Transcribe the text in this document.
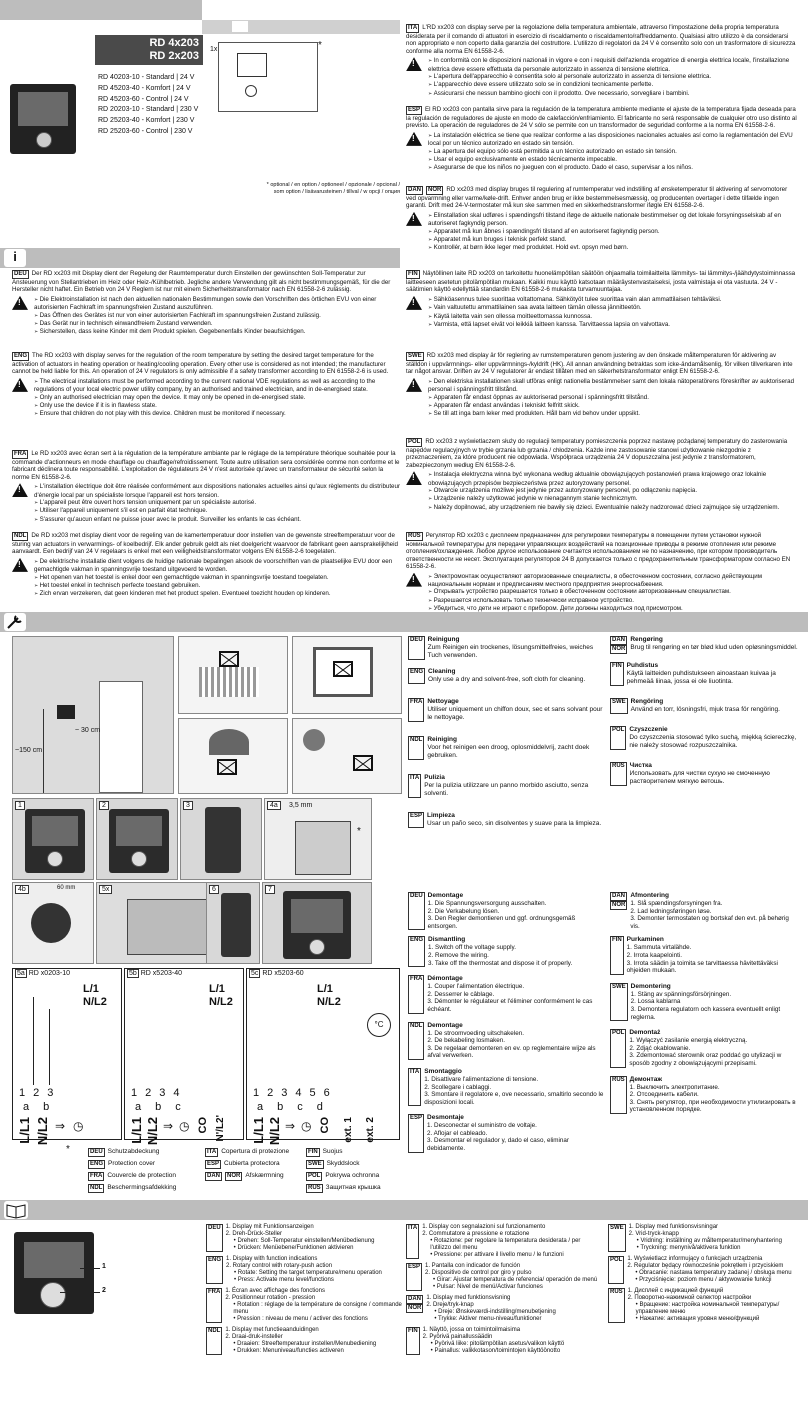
RD 4x203
RD 2x203
1x	*
RD 40203-10 - Standard | 24 V
RD 45203-40 - Komfort | 24 V
RD 45203-60 - Control | 24 V
RD 20203-10 - Standard | 230 V
RD 25203-40 - Komfort | 230 V
RD 25203-60 - Control | 230 V
* optional / en option / optioneel / opzionale / opcional /
som option / lisävarusteinen / tillval / w opcji / опция
i
DEU Der RD xx203 mit Display dient der Regelung der Raumtemperatur durch Einstellen der gewünschten Soll-Temperatur zur Ansteuerung von Stellantrieben im Heiz oder Heiz-/Kühlbetrieb. Jegliche andere Verwendung gilt als nicht bestimmungsgemäß, für die der Hersteller nicht haftet. Ein Betrieb von 24 V Reglern ist nur mit einem Sicherheitstransformator nach EN 61558-2-6 zulässig.
!
➢ Die Elektroinstallation ist nach den aktuellen nationalen Bestimmungen sowie den Vorschriften des örtlichen EVU von einer autorisierten Fachkraft im spannungsfreien Zustand auszuführen.
➢ Das Öffnen des Gerätes ist nur von einer autorisierten Fachkraft im spannungsfreien Zustand zulässig.
➢ Das Gerät nur in technisch einwandfreiem Zustand verwenden.
➢ Sicherstellen, dass keine Kinder mit dem Produkt spielen. Gegebenenfalls Kinder beaufsichtigen.
ENG The RD xx203 with display serves for the regulation of the room temperature by setting the desired target temperature for the activation of actuators in heating operation or heating/cooling operation. Every other use is considered as not intended; the manufacturer cannot be held liable for this. An operation of 24 V regulators is only admissible if a safety transformer according to EN 61558-2-6 is used.
!
➢ The electrical installations must be performed according to the current national VDE regulations as well as according to the regulations of your local electric power utility company, by an authorised and trained electrician, and in de-energised state.
➢ Only an authorised electrician may open the device. It may only be opened in de-energised state.
➢ Only use the device if it is in flawless state.
➢ Ensure that children do not play with this device. Children must be monitored if necessary.
FRA Le RD xx203 avec écran sert à la régulation de la température ambiante par le réglage de la température théorique souhaitée pour la commande d'actionneurs en mode chauffage ou chauffage/refroidissement. Toute autre utilisation sera considérée comme non conforme et le fabricant déclinera toute responsabilité. L'exploitation de régulateurs 24 V n'est autorisée qu'avec un transformateur de sécurité selon la norme EN 61558-2-6.
!
➢ L'installation électrique doit être réalisée conformément aux dispositions nationales actuelles ainsi qu'aux règlements du distributeur d'énergie local par un spécialiste lorsque l'appareil est hors tension.
➢ L'appareil peut être ouvert hors tension uniquement par un spécialiste autorisé.
➢ Utiliser l'appareil uniquement s'il est en parfait état technique.
➢ S'assurer qu'aucun enfant ne puisse jouer avec le produit. Surveiller les enfants le cas échéant.
NDL De RD xx203 met display dient voor de regeling van de kamertemperatuur door instellen van de gewenste streeftemperatuur voor de sturing van actuators in verwarmings- of koelbedrijf. Elk ander gebruik geldt als niet doelgericht waarvoor de fabrikant geen aansprakelijkheid aanvaardt. Een bedrijf van 24 V regelaars is enkel met een veiligheidstransformator volgens EN 61558-2-6 toegelaten.
!
➢ De elektrische installatie dient volgens de huidige nationale bepalingen alsook de voorschriften van de plaatselijke EVU door een gemachtigde vakman in spanningsvrije toestand uitgevoerd te worden.
➢ Het openen van het toestel is enkel door een gemachtigde vakman in spanningsvrije toestand toegelaten.
➢ Het toestel enkel in technisch perfecte toestand gebruiken.
➢ Zich ervan verzekeren, dat geen kinderen met het product spelen. Eventueel toezicht houden op kinderen.
ITA L'RD xx203 con display serve per la regolazione della temperatura ambientale, attraverso l'impostazione della propria temperatura desiderata per il comando di attuatori in esercizio di riscaldamento o riscaldamento/raffreddamento. Qualsiasi altro utilizzo è da considerarsi non appropriato e non coperto dalla garanzia del costruttore. L'utilizzo di regolatori da 24 V è consentito solo con un trasformatore di sicurezza conforme alla norma EN 61558-2-6.
!
➢ In conformità con le disposizioni nazionali in vigore e con i requisiti dell'azienda erogatrice di energia elettrica locale, l'installazione elettrica deve essere effettuata da personale autorizzato in assenza di tensione elettrica.
➢ L'apertura dell'apparecchio è consentita solo al personale autorizzato in assenza di tensione elettrica.
➢ L'apparecchio deve essere utilizzato solo se in condizioni tecnicamente perfette.
➢ Assicurarsi che nessun bambino giochi con il prodotto. Ove necessario, sorvegliare i bambini.
ESP El RD xx203 con pantalla sirve para la regulación de la temperatura ambiente mediante el ajuste de la temperatura fijada deseada para la regulación de reguladores de ajuste en modo de calefacción/enfriamiento. El fabricante no será responsable de cualquier otro uso distinto al previsto. La operación de reguladores de 24 V sólo se permite con un transformador de seguridad conforme a la norma EN 61558-2-6.
!
➢ La instalación eléctrica se tiene que realizar conforme a las disposiciones nacionales actuales así como la reglamentación del EVU local por un técnico autorizado en estado sin tensión.
➢ La apertura del equipo sólo está permitida a un técnico autorizado en estado sin tensión.
➢ Usar el equipo exclusivamente en estado técnicamente impecable.
➢ Asegurarse de que los niños no jueguen con el producto. Dado el caso, supervisar a los niños.
DAN NOR RD xx203 med display bruges til regulering af rumtemperatur ved indstilling af ønsketemperatur til aktivering af servomotorer ved opvarmning eller varme/køle-drift. Enhver anden brug er ikke bestemmelsesmæssig, og producenten overtager i dette tilfælde ingen garanti. Drift med 24-V-termostater må kun ske sammen med en sikkerhedstransformer iføgle EN 61558-2-6.
!
➢ Elinstallation skal udføres i spændingsfri tilstand iføge de aktuelle nationale bestimmelser og det lokale forsyningsselskab af en autoriseret fagkyndig person.
➢ Apparatet må kun åbnes i spændingsfri tilstand af en autoriseret fagkyndig person.
➢ Apparatet må kun bruges i teknisk perfekt stand.
➢ Kontrollér, at børn ikke leger med produktet. Hold evt. opsyn med børn.
FIN Näytöllinen laite RD xx203 on tarkoitettu huonelämpötilan säätöön ohjaamalla toimilaitteita lämmitys- tai lämmitys-/jäähdytystoiminnassa laitteeseen asetetun pitolämpötilan mukaan. Kaikki muu käyttö katsotaan määräystenvastaiseksi, josta valmistaja ei ota vastuuta. 24 V -säätimien käyttö edellyttää standardin EN 61558-2-6 mukaista turvamuuntajaa.
!
➢ Sähköasennus tulee suorittaa voltattomana. Sähkötyöt tulee suorittaa vain alan ammattilaisen tehtäväksi.
➢ Vain valtuutettu ammattilainen saa avata laitteen tämän ollessa jännitteetön.
➢ Käytä laitetta vain sen ollessa moitteettomassa kunnossa.
➢ Varmista, että lapset eivät voi leikkiä laitteen kanssa. Tarvittaessa lapsia on valvottava.
SWE RD xx203 med display är för reglering av rumstemperaturen genom justering av den önskade måltemperaturen för aktivering av ställdon i uppvärmnings- eller uppvärmnings-/kyldrift (HK). All annan användning betraktas som icke-ändamålsenlig, för vilken tillverkaren inte tar något ansvar. Driften av 24 V regulatorer är endast tillåten med en säkerhetstransformator enligt EN 61558-2-6.
!
➢ Den elektriska installationen skall utföras enligt nationella bestämmelser samt den lokala nätoperatörens föreskrifter av auktoriserad personal i spänningsfritt tillstånd.
➢ Apparaten får endast öppnas av auktoriserad personal i spänningsfritt tillstånd.
➢ Apparaten får endast användas i tekniskt felfritt skick.
➢ Se till att inga barn leker med produkten. Håll barn vid behov under uppsikt.
POL RD xx203 z wyświetlaczem służy do regulacji temperatury pomieszczenia poprzez nastawę pożądanej temperatury do zasterowania napędów regulacyjnych w trybie grzania lub grzania / chłodzenia. Każde inne zastosowanie stanowi użytkowanie niezgodnie z przeznaczeniem, za które producent nie odpowiada. Współpraca urządzenia 24 V dopuszczalna jest jedynie z transformatorem, zabezpieczonym według EN 61558-2-6.
!
➢ Instalacja elektryczna winna być wykonana według aktualnie obowiązujących postanowień prawa krajowego oraz lokalnie obowiązujących przepisów bezpieczeństwa przez autoryzowany personel.
➢ Otwarcie urządzenia możliwe jest jedynie przez autoryzowany personel, po odłączeniu napięcia.
➢ Urządzenie należy użytkować jedynie w nienagannym stanie technicznym.
➢ Należy dopilnować, aby urządzeniem nie bawiły się dzieci. Ewentualnie należy nadzorować dzieci zajmujące się urządzeniem.
RUS Регулятор RD xx203 с дисплеем предназначен для регулировки температуры в помещении путем установки нужной номинальной температуры для передачи управляющих воздействий на позиционные приводы в режиме отопления или режиме отопления/охлаждения. Любое другое использование считается использованием не по назначению, при котором производитель ответственности не несет. Эксплуатация регуляторов 24 В допускается только с предохранительным трансформатором согласно EN 61558-2-6.
!
➢ Электромонтаж осуществляют авторизованные специалисты, в обесточенном состоянии, согласно действующим национальным нормам и предписаниям местного предприятия энергоснабжения.
➢ Открывать устройство разрешается только в обесточенном состоянии авторизованным специалистам.
➢ Разрешается использовать только технически исправное устройство.
➢ Убедиться, что дети не играют с прибором. Дети должны находиться под присмотром.
~ 30 cm
~150 cm
1	2	3	4a	3,5 mm
*
4b	60 mm	5x	6	7
5a RD x0203-10
L/1
N/L2
123
ab
L/L1 N/L2 ⇒ ◷
5b RD x5203-40
L/1
N/L2
1234
abc
L/L1 N/L2 ⇒ ◷ CO N'/L2'
5c RD x5203-60
L/1
N/L2
°C
123456
abcd
L/L1 N/L2 ⇒ ◷ CO ext. 1 ext. 2
*	DEU Schutzabdeckung
ENG Protection cover
FRA Couvercle de protection
NDL Beschermingsafdekking
ITA Copertura di protezione
ESP Cubierta protectora
DAN NOR Afskærmning
FIN Suojus
SWE Skyddslock
POL Pokrywa ochronna
RUS Защитная крышка
DEU Reinigung
Zum Reinigen ein trockenes, lösungsmittelfreies, weiches Tuch verwenden.
ENG Cleaning
Only use a dry and solvent-free, soft cloth for cleaning.
FRA Nettoyage
Utiliser uniquement un chiffon doux, sec et sans solvant pour le nettoyage.
NDL Reiniging
Voor het reinigen een droog, oplosmiddelvrij, zacht doek gebruiken.
ITA Pulizia
Per la pulizia utilizzare un panno morbido asciutto, senza solventi.
ESP Limpieza
Usar un paño seco, sin disolventes y suave para la limpieza.
DAN
NOR
Rengøring
Brug til rengøring en tør blød klud uden opløsningsmiddel.
FIN Puhdistus
Käytä laitteiden puhdistukseen ainoastaan kuivaa ja pehmeää liinaa, jossa ei ole liuotinta.
SWE Rengöring
Använd en torr, lösningsfri, mjuk trasa för rengöring.
POL Czyszczenie
Do czyszczenia stosować tylko suchą, miękką ściereczkę, nie należy stosować rozpuszczalnika.
RUS Чистка
Использовать для чистки сухую не смоченную растворителем мягкую ветошь.
DEU Demontage
1. Die Spannungsversorgung ausschalten.
2. Die Verkabelung lösen.
3. Den Regler demontieren und ggf. ordnungsgemäß entsorgen.
ENG Dismantling
1. Switch off the voltage supply.
2. Remove the wiring.
3. Take off the thermostat and dispose it of properly.
FRA Démontage
1. Couper l'alimentation électrique.
2. Desserrer le câblage.
3. Démonter le régulateur et l'éliminer conformément le cas échéant.
NDL Demontage
1. De stroomvoeding uitschakelen.
2. De bekabeling losmaken.
3. De regelaar demonteren en ev. op reglementaire wijze als afval verwerken.
ITA Smontaggio
1. Disattivare l'alimentazione di tensione.
2. Scollegare i cablaggi.
3. Smontare il regolatore e, ove necessario, smaltirlo secondo le disposizioni locali.
ESP Desmontaje
1. Desconectar el suministro de voltaje.
2. Aflojar el cableado.
3. Desmontar el regulador y, dado el caso, eliminar debidamente.
DAN
NOR
Afmontering
1. Slå spændingsforsyningen fra.
2. Lad ledningsføringen løse.
3. Demonter termostaten og bortskaf den evt. på behørig vis.
FIN Purkaminen
1. Sammuta virtalähde.
2. Irrota kaapelointi.
3. Irrota säädin ja toimita se tarvittaessa hävitettäväksi ohjeiden mukaan.
SWE Demontering
1. Stäng av spänningsförsörjningen.
2. Lossa kablarna
3. Demontera regulatorn och kassera eventuellt enligt reglerna.
POL Demontaż
1. Wyłączyć zasilanie energią elektryczną.
2. Zdjąć okablowanie.
3. Zdemontować sterownik oraz poddać go utylizacji w sposób zgodny z obowiązującymi przepisami.
RUS Демонтаж
1. Выключить электропитание.
2. Отсоединить кабели.
3. Снять регулятор, при необходимости утилизировать в установленном порядке.
1
2
DEU 1. Display mit Funktionsanzeigen
2. Dreh-Drück-Steller
• Drehen: Soll-Temperatur einstellen/Menübedienung
• Drücken: Menüebene/Funktionen aktivieren
ENG 1. Display with function indications
2. Rotary control with rotary-push action
• Rotate: Setting the target temperature/menu operation
• Press: Activate menu level/functions
FRA 1. Écran avec affichage des fonctions
2. Positionneur rotation - pression
• Rotation : réglage de la température de consigne / commande menu
• Pression : niveau de menu / activer des fonctions
NDL 1. Display met functieaanduidingen
2. Draai-druk-insteller
• Draaien: Streeftemperatuur instellen/Menubediening
• Drukken: Menuniveau/functies activeren
ITA 1. Display con segnalazioni sul funzionamento
2. Commutatore a pressione e rotazione
• Rotazione: per regolare la temperatura desiderata / per l'utilizzo del menu
• Pressione: per attivare il livello menu / le funzioni
ESP 1. Pantalla con indicador de función
2. Dispositivo de control por giro y pulso
• Girar: Ajustar temperatura de referencia/ operación de menú
• Pulsar: Nivel de menú/Activar funciones
DAN
NOR
1. Display med funktionsvisning
2. Dreje/tryk-knap
• Dreje: Ønskeværdi-indstilling/menubetjening
• Trykke: Aktiver menu-niveau/funktioner
FIN 1. Näyttö, jossa on toimintoilmaisima
2. Pyörivä painallussäädin
• Pyörivä liike: pitolämpötilan asetus/valikon käyttö
• Painallus: valikkotason/toimintojen käyttöönotto
SWE 1. Display med funktionsvisningar
2. Vrid-tryck-knapp
• Vridning: inställning av måltemperatur/menyhantering
• Tryckning: menynivå/aktivera funktion
POL 1. Wyświetlacz informujący o funkcjach urządzenia
2. Regulator będący równocześnie pokrętłem i przyciskiem
• Obracanie: nastawa temperatury zadanej / obsługa menu
• Przyciśnięcie: poziom menu / aktywowanie funkcji
RUS 1. Дисплей с индикацией функций
2. Поворотно-нажимной селектор настройки
• Вращение: настройка номинальной температуры/управление меню
• Нажатие: активация уровня меню/функций
